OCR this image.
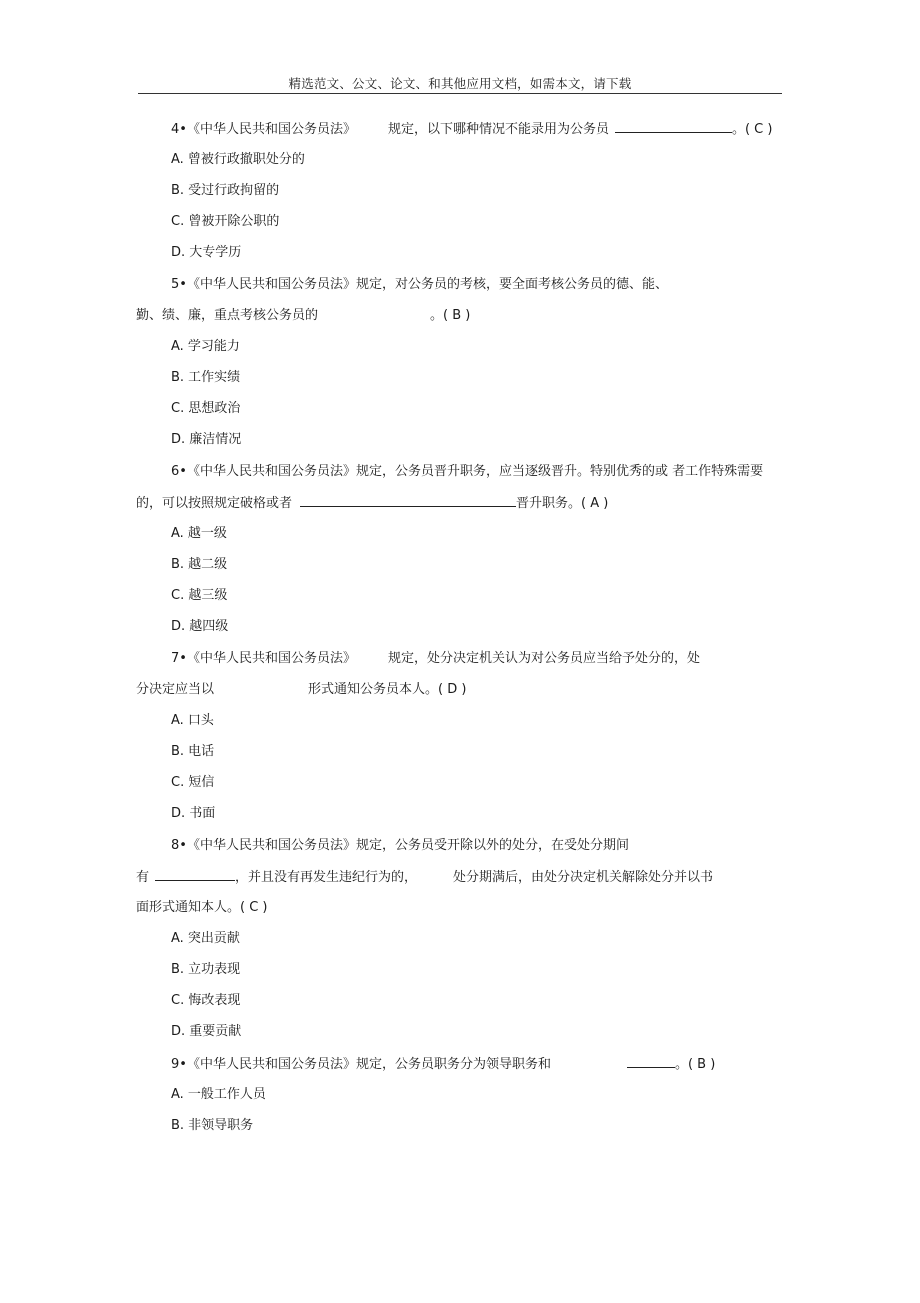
精选范文、公文、论文、和其他应用文档，如需本文，请下载
4•《中华人民共和国公务员法》 规定，以下哪种情况不能录用为公务员	。( C )
A. 曾被行政撤职处分的
B. 受过行政拘留的
C. 曾被开除公职的
D. 大专学历
5•《中华人民共和国公务员法》规定，对公务员的考核，要全面考核公务员的德、能、
勤、绩、廉，重点考核公务员的	。( B )
A. 学习能力
B. 工作实绩
C. 思想政治
D. 廉洁情况
6•《中华人民共和国公务员法》规定，公务员晋升职务，应当逐级晋升。特别优秀的或 者工作特殊需要
的，可以按照规定破格或者	晋升职务。( A )
A. 越一级
B. 越二级
C. 越三级
D. 越四级
7•《中华人民共和国公务员法》 规定，处分决定机关认为对公务员应当给予处分的，处
分决定应当以	形式通知公务员本人。( D )
A. 口头
B. 电话
C. 短信
D. 书面
8•《中华人民共和国公务员法》规定，公务员受开除以外的处分，在受处分期间
有	，并且没有再发生违纪行为的，	处分期满后，由处分决定机关解除处分并以书
面形式通知本人。( C )
A. 突出贡献
B. 立功表现
C. 悔改表现
D. 重要贡献
9•《中华人民共和国公务员法》规定，公务员职务分为领导职务和	。( B )
A. 一般工作人员
B. 非领导职务
